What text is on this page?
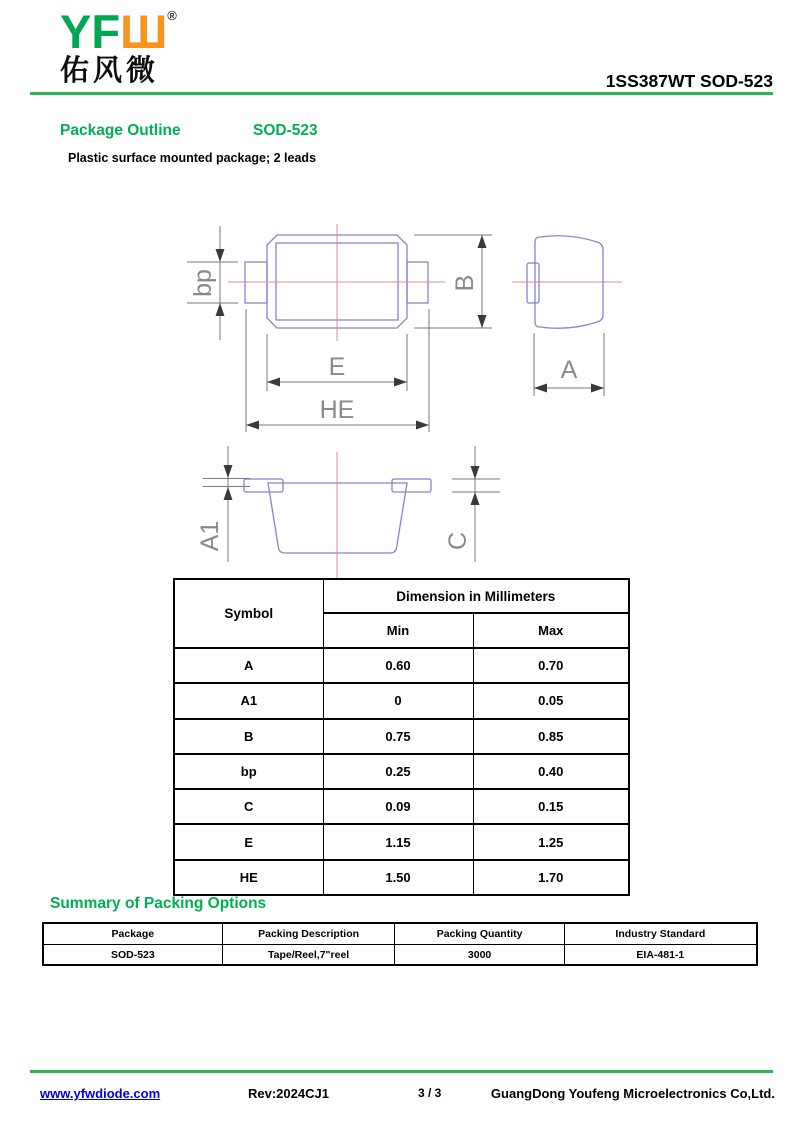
YFШ®
佑风微	1SS387WT SOD-523
Package Outline	SOD-523
Plastic surface mounted package; 2 leads
bp	B
E
HE
A
A1	C
Symbol	Dimension in Millimeters	
	Min	Max
A	0.60	0.70
A1	0	0.05
B	0.75	0.85
bp	0.25	0.40
C	0.09	0.15
E	1.15	1.25
HE	1.50	1.70
Summary of Packing Options
Package	Packing Description	Packing Quantity	Industry Standard
SOD-523	Tape/Reel,7"reel	3000	EIA-481-1
www.yfwdiode.com	Rev:2024CJ1	3 / 3	GuangDong Youfeng Microelectronics Co,Ltd.
